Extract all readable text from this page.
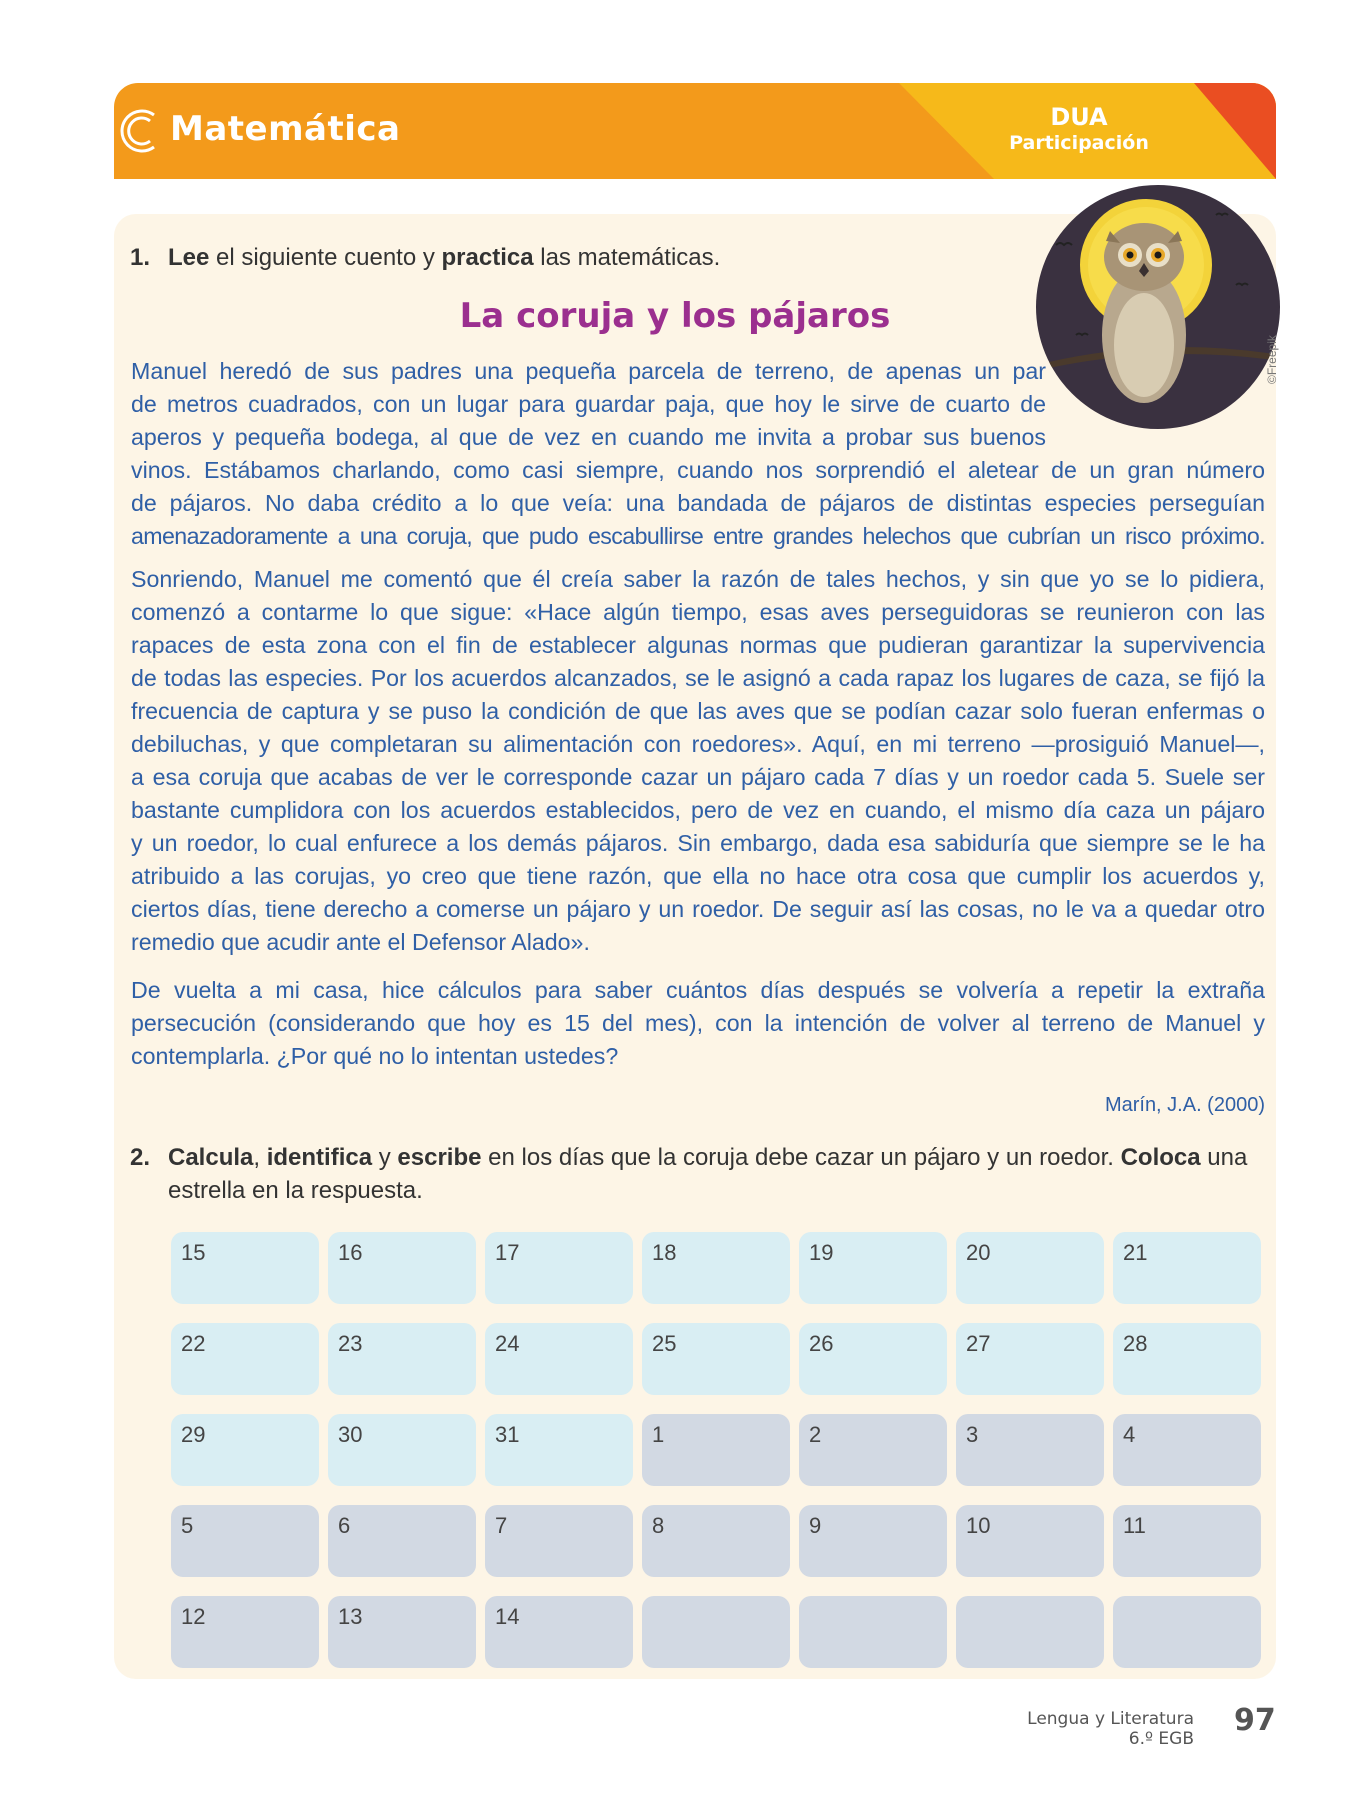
Matemática	DUA
Participación
©Freepik
1. Lee el siguiente cuento y practica las matemáticas.
La coruja y los pájaros
Manuel heredó de sus padres una pequeña parcela de terreno, de apenas un par
de metros cuadrados, con un lugar para guardar paja, que hoy le sirve de cuarto de
aperos y pequeña bodega, al que de vez en cuando me invita a probar sus buenos
vinos. Estábamos charlando, como casi siempre, cuando nos sorprendió el aletear de un gran número
de pájaros. No daba crédito a lo que veía: una bandada de pájaros de distintas especies perseguían
amenazadoramente a una coruja, que pudo escabullirse entre grandes helechos que cubrían un risco próximo.
Sonriendo, Manuel me comentó que él creía saber la razón de tales hechos, y sin que yo se lo pidiera,
comenzó a contarme lo que sigue: «Hace algún tiempo, esas aves perseguidoras se reunieron con las
rapaces de esta zona con el fin de establecer algunas normas que pudieran garantizar la supervivencia
de todas las especies. Por los acuerdos alcanzados, se le asignó a cada rapaz los lugares de caza, se fijó la
frecuencia de captura y se puso la condición de que las aves que se podían cazar solo fueran enfermas o
debiluchas, y que completaran su alimentación con roedores». Aquí, en mi terreno —prosiguió Manuel—,
a esa coruja que acabas de ver le corresponde cazar un pájaro cada 7 días y un roedor cada 5. Suele ser
bastante cumplidora con los acuerdos establecidos, pero de vez en cuando, el mismo día caza un pájaro
y un roedor, lo cual enfurece a los demás pájaros. Sin embargo, dada esa sabiduría que siempre se le ha
atribuido a las corujas, yo creo que tiene razón, que ella no hace otra cosa que cumplir los acuerdos y,
ciertos días, tiene derecho a comerse un pájaro y un roedor. De seguir así las cosas, no le va a quedar otro
remedio que acudir ante el Defensor Alado».
De vuelta a mi casa, hice cálculos para saber cuántos días después se volvería a repetir la extraña
persecución (considerando que hoy es 15 del mes), con la intención de volver al terreno de Manuel y
contemplarla. ¿Por qué no lo intentan ustedes?
Marín, J.A. (2000)
2. Calcula, identifica y escribe en los días que la coruja debe cazar un pájaro y un roedor. Coloca una
estrella en la respuesta.
15	16	17	18	19	20	21
22	23	24	25	26	27	28
29	30	31	1	2	3	4
5	6	7	8	9	10	11
12	13	14
Lengua y Literatura
6.º EGB
97
